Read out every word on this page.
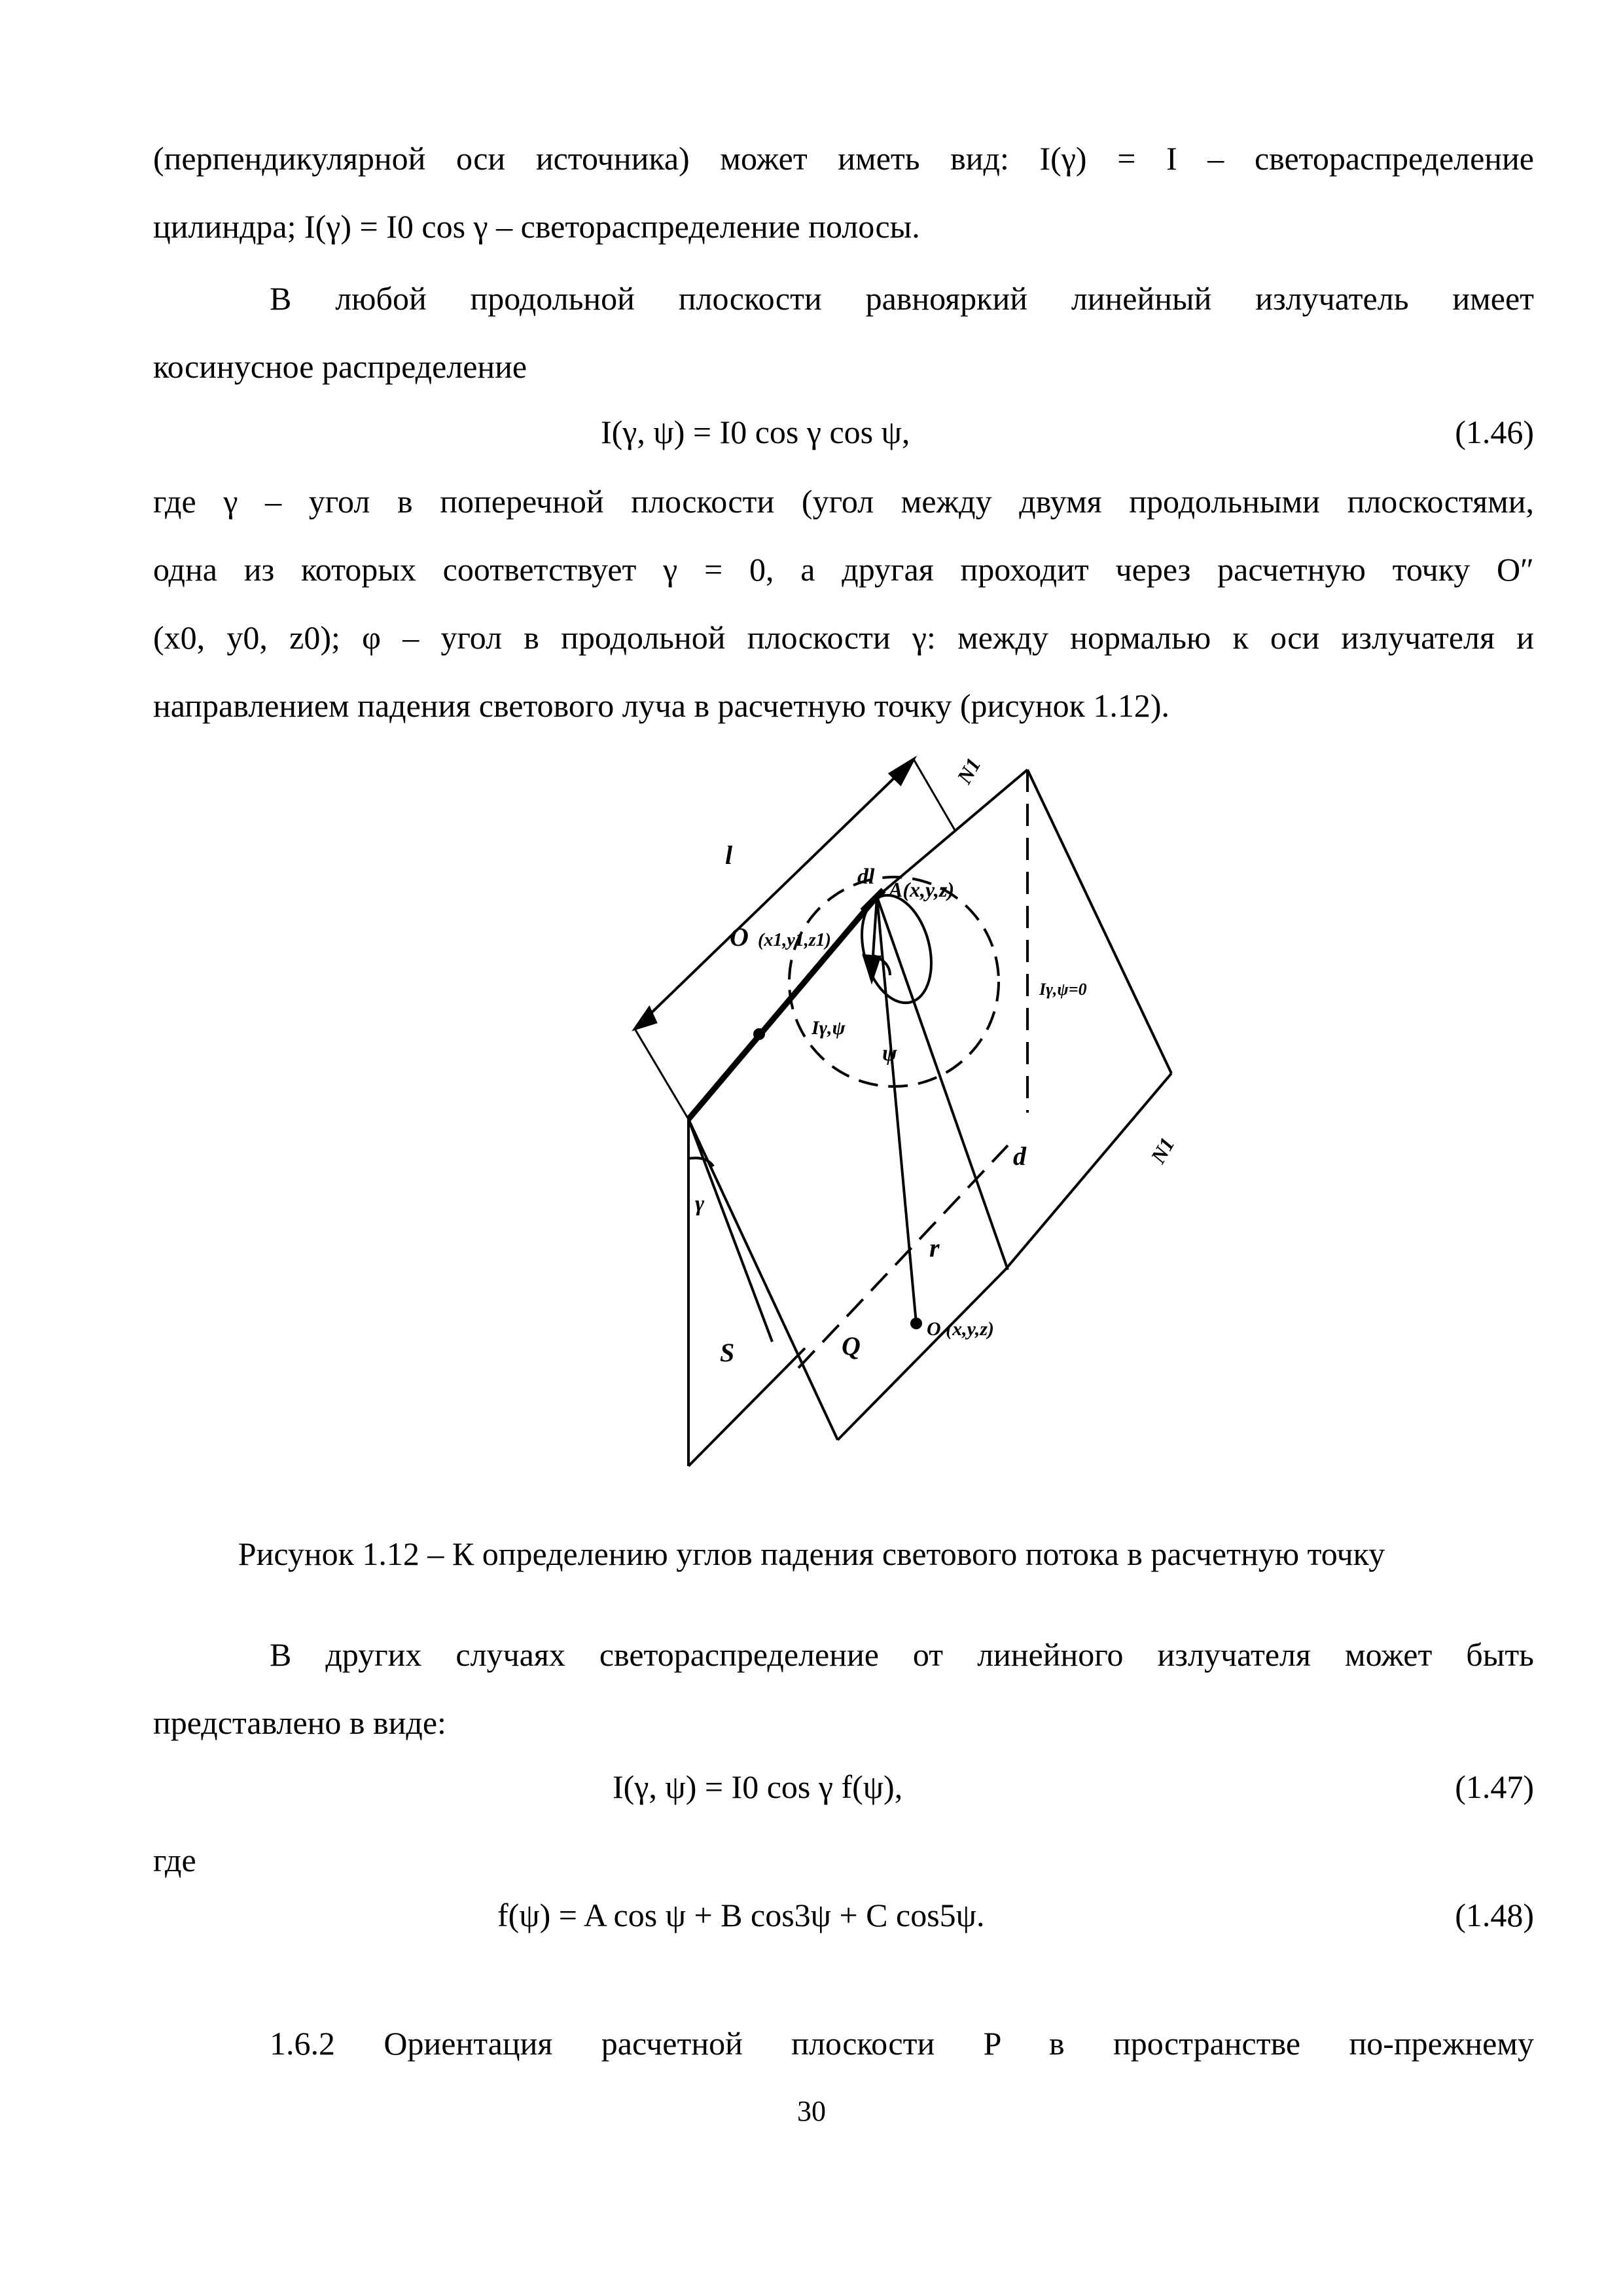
(перпендикулярной оси источника) может иметь вид: I(γ) = I – светораспределение

цилиндра; I(γ) = I0 cos γ – светораспределение полосы.

В любой продольной плоскости равнояркий линейный излучатель имеет

косинусное распределение

I(γ, ψ) = I0 cos γ cos ψ,	(1.46)

где γ – угол в поперечной плоскости (угол между двумя продольными плоскостями,

одна из которых соответствует γ = 0, а другая проходит через расчетную точку O″

(x0, y0, z0); φ – угол в продольной плоскости γ: между нормалью к оси излучателя и

направлением падения светового луча в расчетную точку (рисунок 1.12).

l
dl
A(x,y,z)
O (x1,y1,z1)
N1
N1
Iγ,ψ
Iγ,ψ=0
ψ
γ
d
r
S	Q
O (x,y,z)
Рисунок 1.12 – К определению углов падения светового потока в расчетную точку

В других случаях светораспределение от линейного излучателя может быть

представлено в виде:

I(γ, ψ) = I0 cos γ f(ψ),	(1.47)

где

f(ψ) = A cos ψ + B cos3ψ + C cos5ψ.	(1.48)

1.6.2 Ориентация расчетной плоскости P в пространстве по-прежнему

30
